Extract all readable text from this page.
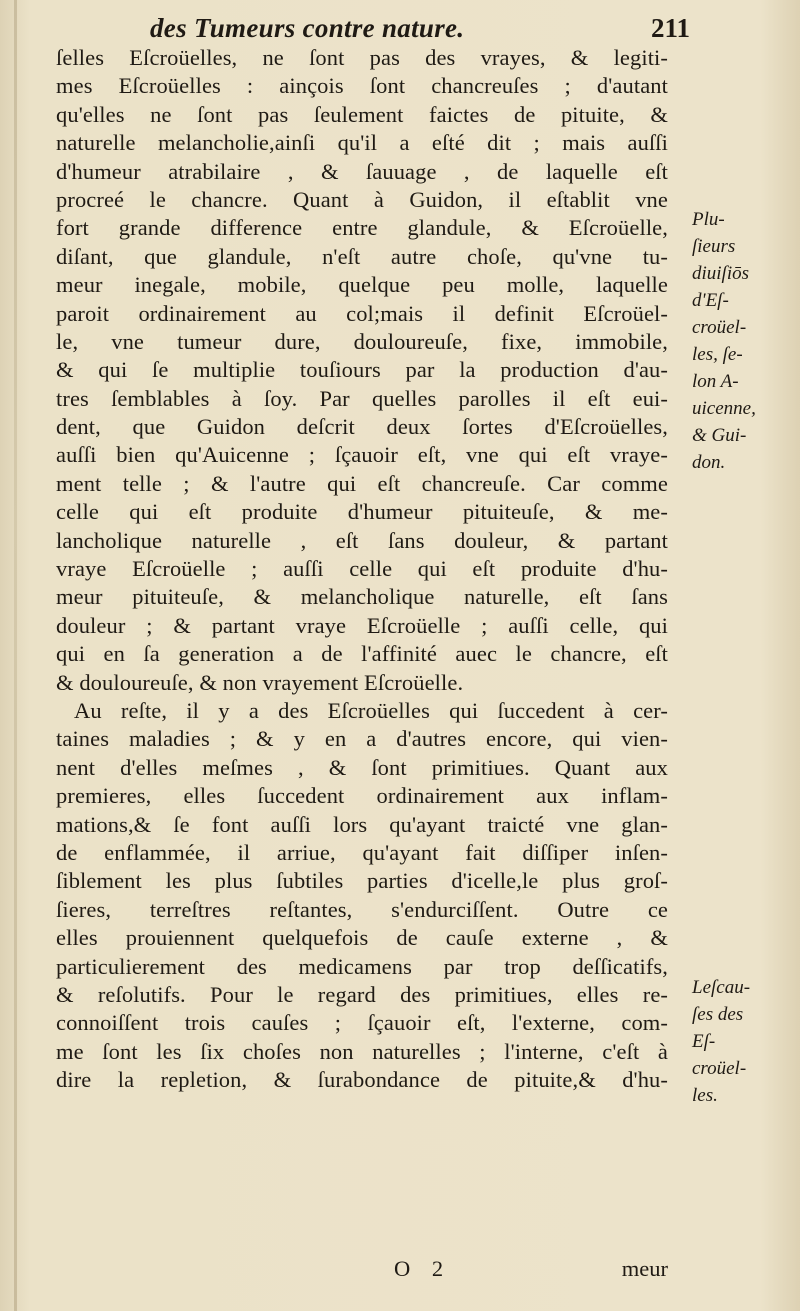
des Tumeurs contre nature.	211
ſelles Eſcroüelles, ne ſont pas des vrayes, & legiti-
mes Eſcroüelles : ainçois ſont chancreuſes ; d'autant
qu'elles ne ſont pas ſeulement faictes de pituite, &
naturelle melancholie,ainſi qu'il a eſté dit ; mais auſſi
d'humeur atrabilaire , & ſauuage , de laquelle eſt
procreé le chancre. Quant à Guidon, il eſtablit vne
fort grande difference entre glandule, & Eſcroüelle,
diſant, que glandule, n'eſt autre choſe, qu'vne tu-
meur inegale, mobile, quelque peu molle, laquelle
paroit ordinairement au col;mais il definit Eſcroüel-
le, vne tumeur dure, douloureuſe, fixe, immobile,
& qui ſe multiplie touſiours par la production d'au-
tres ſemblables à ſoy. Par quelles parolles il eſt eui-
dent, que Guidon deſcrit deux ſortes d'Eſcroüelles,
auſſi bien qu'Auicenne ; ſçauoir eſt, vne qui eſt vraye-
ment telle ; & l'autre qui eſt chancreuſe. Car comme
celle qui eſt produite d'humeur pituiteuſe, & me-
lancholique naturelle , eſt ſans douleur, & partant
vraye Eſcroüelle ; auſſi celle qui eſt produite d'hu-
meur pituiteuſe, & melancholique naturelle, eſt ſans
douleur ; & partant vraye Eſcroüelle ; auſſi celle, qui
qui en ſa generation a de l'affinité auec le chancre, eſt
& douloureuſe, & non vrayement Eſcroüelle.
Au reſte, il y a des Eſcroüelles qui ſuccedent à cer-
taines maladies ; & y en a d'autres encore, qui vien-
nent d'elles meſmes , & ſont primitiues. Quant aux
premieres, elles ſuccedent ordinairement aux inflam-
mations,& ſe font auſſi lors qu'ayant traicté vne glan-
de enflammée, il arriue, qu'ayant fait diſſiper inſen-
ſiblement les plus ſubtiles parties d'icelle,le plus groſ-
ſieres, terreſtres reſtantes, s'endurciſſent. Outre ce
elles prouiennent quelquefois de cauſe externe , &
particulierement des medicamens par trop deſſicatifs,
& reſolutifs. Pour le regard des primitiues, elles re-
connoiſſent trois cauſes ; ſçauoir eſt, l'externe, com-
me ſont les ſix choſes non naturelles ; l'interne, c'eſt à
dire la repletion, & ſurabondance de pituite,& d'hu-
Plu-
ſieurs
diuiſiōs
d'Eſ-
croüel-
les, ſe-
lon A-
uicenne,
& Gui-
don.
Leſcau-
ſes des
Eſ-
croüel-
les.
O 2	meur
